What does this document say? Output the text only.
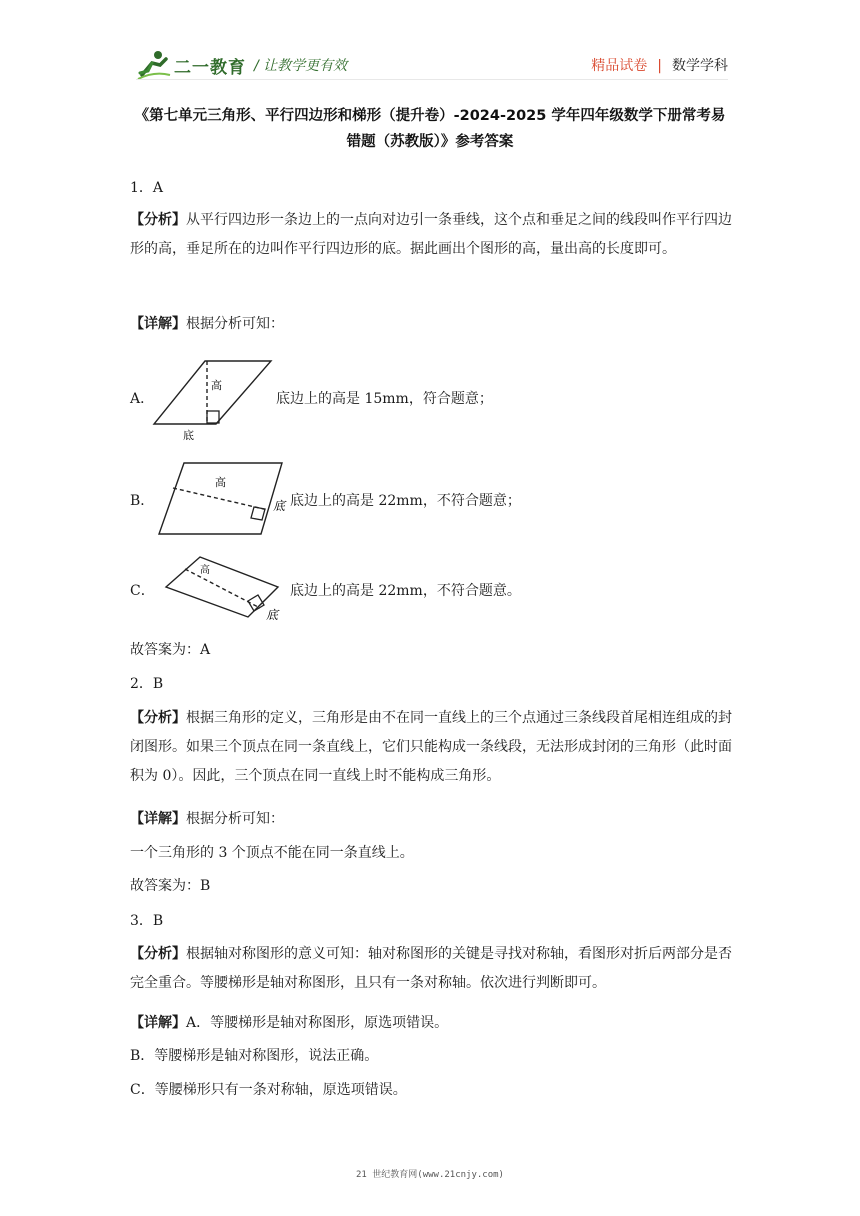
二一教育 / 让教学更有效	精品试卷 | 数学学科
《第七单元三角形、平行四边形和梯形（提升卷）-2024-2025 学年四年级数学下册常考易
错题（苏教版）》参考答案

1．A

【分析】从平行四边形一条边上的一点向对边引一条垂线，这个点和垂足之间的线段叫作平行四边形的高，垂足所在的边叫作平行四边形的底。据此画出个图形的高，量出高的长度即可。

【详解】根据分析可知：

A．
高
底
底边上的高是 15mm，符合题意；
B．
高
底 底边上的高是 22mm，不符合题意；
C．
高
底
底边上的高是 22mm，不符合题意。

故答案为：A

2．B

【分析】根据三角形的定义，三角形是由不在同一直线上的三个点通过三条线段首尾相连组成的封闭图形。如果三个顶点在同一条直线上，它们只能构成一条线段，无法形成封闭的三角形（此时面积为 0）。因此，三个顶点在同一直线上时不能构成三角形。

【详解】根据分析可知：

一个三角形的 3 个顶点不能在同一条直线上。

故答案为：B

3．B

【分析】根据轴对称图形的意义可知：轴对称图形的关键是寻找对称轴，看图形对折后两部分是否完全重合。等腰梯形是轴对称图形，且只有一条对称轴。依次进行判断即可。

【详解】A．等腰梯形是轴对称图形，原选项错误。

B．等腰梯形是轴对称图形，说法正确。

C．等腰梯形只有一条对称轴，原选项错误。

21 世纪教育网(www.21cnjy.com)
